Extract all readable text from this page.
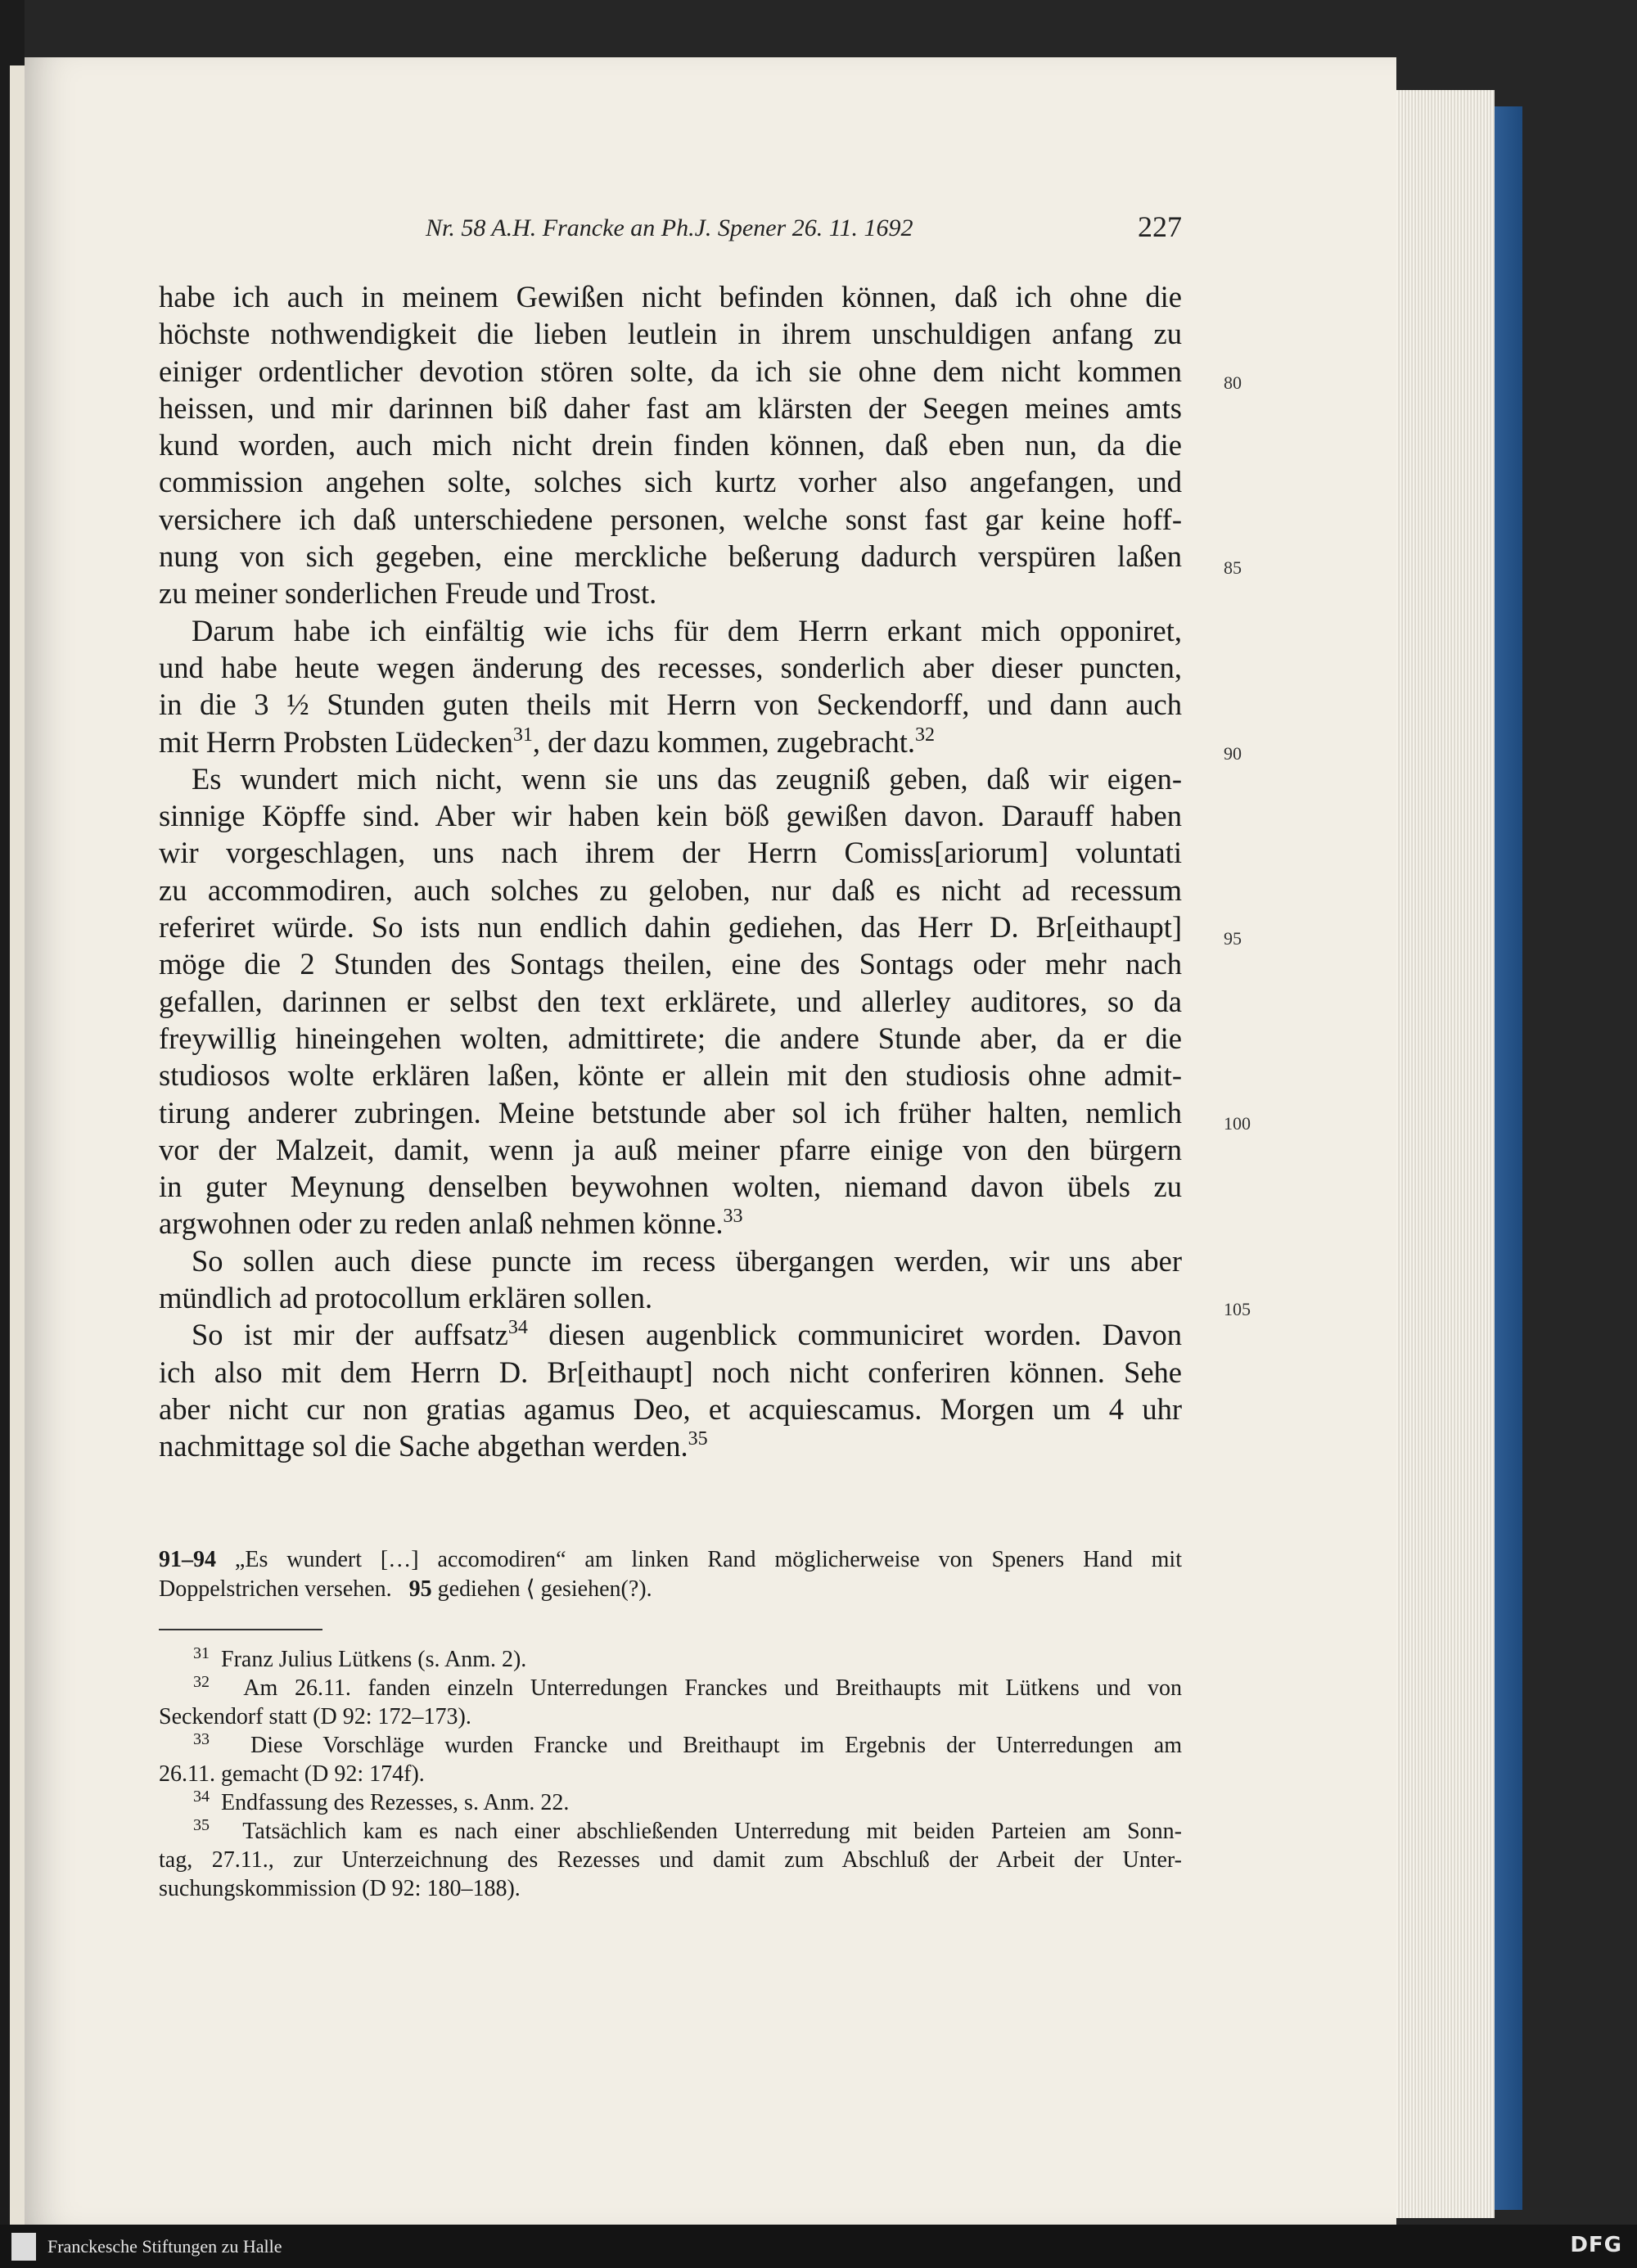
Nr. 58 A.H. Francke an Ph.J. Spener 26. 11. 1692	227
habe ich auch in meinem Gewißen nicht befinden können, daß ich ohne die
höchste nothwendigkeit die lieben leutlein in ihrem unschuldigen anfang zu
einiger ordentlicher devotion stören solte, da ich sie ohne dem nicht kommen
heissen, und mir darinnen biß daher fast am klärsten der Seegen meines amts
kund worden, auch mich nicht drein finden können, daß eben nun, da die
commission angehen solte, solches sich kurtz vorher also angefangen, und
versichere ich daß unterschiedene personen, welche sonst fast gar keine hoff-
nung von sich gegeben, eine merckliche beßerung dadurch verspüren laßen
zu meiner sonderlichen Freude und Trost.
Darum habe ich einfältig wie ichs für dem Herrn erkant mich opponiret,
und habe heute wegen änderung des recesses, sonderlich aber dieser puncten,
in die 3 ½ Stunden guten theils mit Herrn von Seckendorff, und dann auch
mit Herrn Probsten Lüdecken$^{31}$, der dazu kommen, zugebracht.$^{32}$
Es wundert mich nicht, wenn sie uns das zeugniß geben, daß wir eigen-
sinnige Köpffe sind. Aber wir haben kein böß gewißen davon. Darauff haben
wir vorgeschlagen, uns nach ihrem der Herrn Comiss[ariorum] voluntati
zu accommodiren, auch solches zu geloben, nur daß es nicht ad recessum
referiret würde. So ists nun endlich dahin gediehen, das Herr D. Br[eithaupt]
möge die 2 Stunden des Sontags theilen, eine des Sontags oder mehr nach
gefallen, darinnen er selbst den text erklärete, und allerley auditores, so da
freywillig hineingehen wolten, admittirete; die andere Stunde aber, da er die
studiosos wolte erklären laßen, könte er allein mit den studiosis ohne admit-
tirung anderer zubringen. Meine betstunde aber sol ich früher halten, nemlich
vor der Malzeit, damit, wenn ja auß meiner pfarre einige von den bürgern
in guter Meynung denselben beywohnen wolten, niemand davon übels zu
argwohnen oder zu reden anlaß nehmen könne.$^{33}$
So sollen auch diese puncte im recess übergangen werden, wir uns aber
mündlich ad protocollum erklären sollen.
So ist mir der auffsatz$^{34}$ diesen augenblick communiciret worden. Davon
ich also mit dem Herrn D. Br[eithaupt] noch nicht conferiren können. Sehe
aber nicht cur non gratias agamus Deo, et acquiescamus. Morgen um 4 uhr
nachmittage sol die Sache abgethan werden.$^{35}$
80
85
90
95
100
105
91–94 „Es wundert […] accomodiren“ am linken Rand möglicherweise von Speners Hand mit
Doppelstrichen versehen. 95 gediehen ⟨ gesiehen(?).
$^{31}$ Franz Julius Lütkens (s. Anm. 2).
$^{32}$ Am 26.11. fanden einzeln Unterredungen Franckes und Breithaupts mit Lütkens und von
Seckendorf statt (D 92: 172–173).
$^{33}$ Diese Vorschläge wurden Francke und Breithaupt im Ergebnis der Unterredungen am
26.11. gemacht (D 92: 174f).
$^{34}$ Endfassung des Rezesses, s. Anm. 22.
$^{35}$ Tatsächlich kam es nach einer abschließenden Unterredung mit beiden Parteien am Sonn-
tag, 27.11., zur Unterzeichnung des Rezesses und damit zum Abschluß der Arbeit der Unter-
suchungskommission (D 92: 180–188).
Franckesche Stiftungen zu Halle	DFG
